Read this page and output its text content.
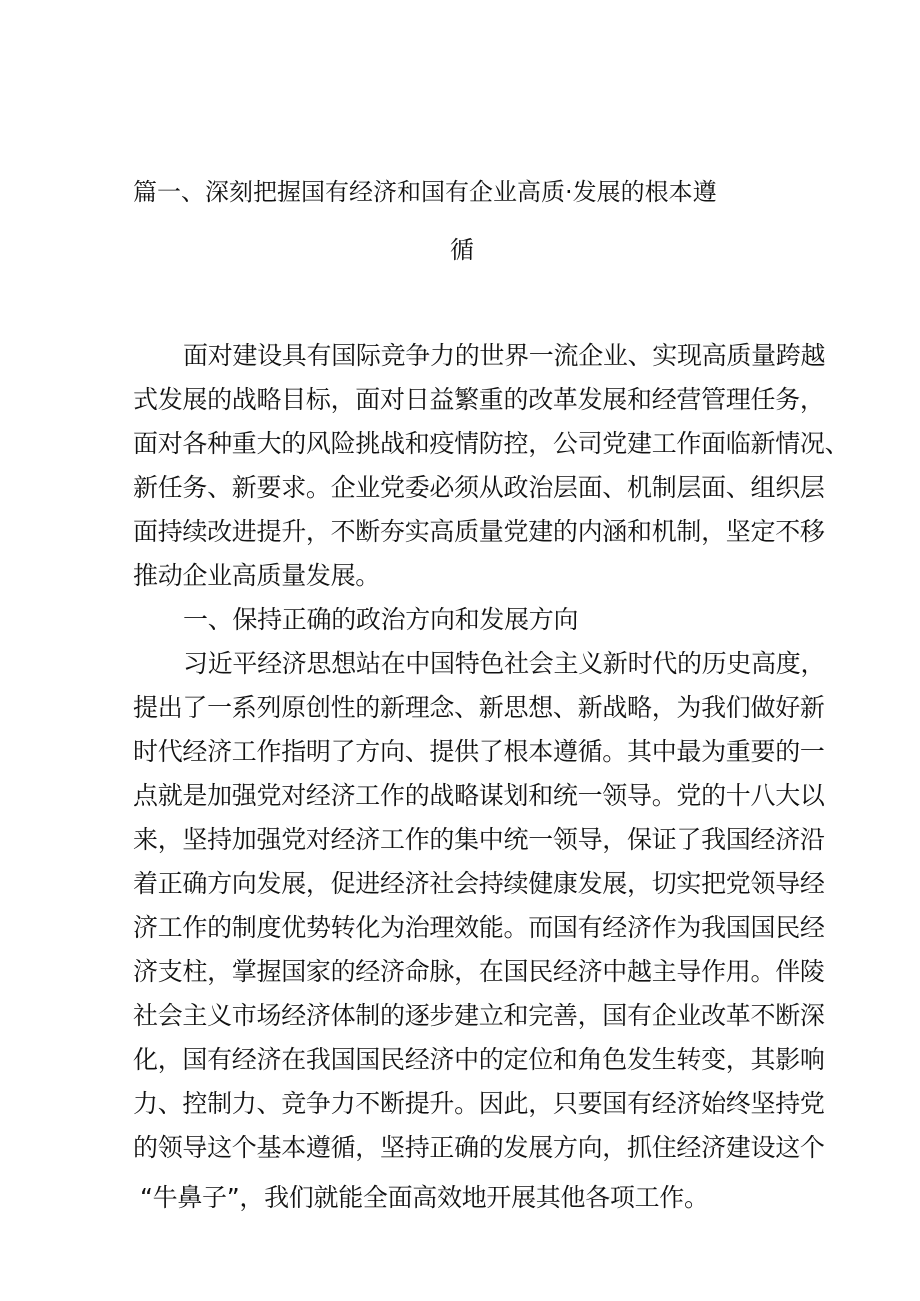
篇一、深刻把握国有经济和国有企业高质·发展的根本遵
循
面对建设具有国际竞争力的世界一流企业、实现高质量跨越
式发展的战略目标，面对日益繁重的改革发展和经营管理任务，
面对各种重大的风险挑战和疫情防控，公司党建工作面临新情况、
新任务、新要求。企业党委必须从政治层面、机制层面、组织层
面持续改进提升，不断夯实高质量党建的内涵和机制，坚定不移
推动企业高质量发展。
一、保持正确的政治方向和发展方向
习近平经济思想站在中国特色社会主义新时代的历史高度，
提出了一系列原创性的新理念、新思想、新战略，为我们做好新
时代经济工作指明了方向、提供了根本遵循。其中最为重要的一
点就是加强党对经济工作的战略谋划和统一领导。党的十八大以
来，坚持加强党对经济工作的集中统一领导，保证了我国经济沿
着正确方向发展，促进经济社会持续健康发展，切实把党领导经
济工作的制度优势转化为治理效能。而国有经济作为我国国民经
济支柱，掌握国家的经济命脉，在国民经济中越主导作用。伴陵
社会主义市场经济体制的逐步建立和完善，国有企业改革不断深
化，国有经济在我国国民经济中的定位和角色发生转变，其影响
力、控制力、竞争力不断提升。因此，只要国有经济始终坚持党
的领导这个基本遵循，坚持正确的发展方向，抓住经济建设这个
“牛鼻子”，我们就能全面高效地开展其他各项工作。
